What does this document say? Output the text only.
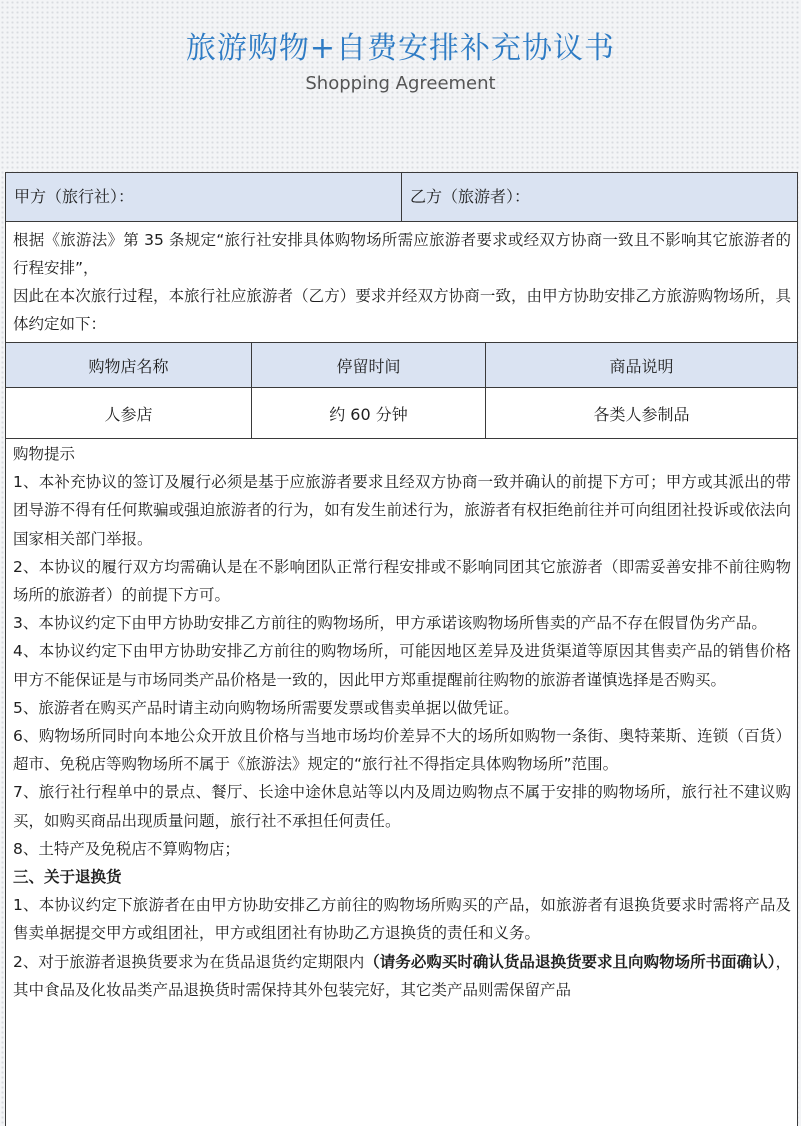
旅游购物+自费安排补充协议书
Shopping Agreement
甲方（旅行社）：	乙方（旅游者）：

根据《旅游法》第 35 条规定“旅行社安排具体购物场所需应旅游者要求或经双方协商一致且不影响其它旅游者的行程安排”，

因此在本次旅行过程，本旅行社应旅游者（乙方）要求并经双方协商一致，由甲方协助安排乙方旅游购物场所，具体约定如下：

购物店名称	停留时间	商品说明
人参店	约 60 分钟	各类人参制品

购物提示

1、本补充协议的签订及履行必须是基于应旅游者要求且经双方协商一致并确认的前提下方可；甲方或其派出的带团导游不得有任何欺骗或强迫旅游者的行为，如有发生前述行为，旅游者有权拒绝前往并可向组团社投诉或依法向国家相关部门举报。

2、本协议的履行双方均需确认是在不影响团队正常行程安排或不影响同团其它旅游者（即需妥善安排不前往购物场所的旅游者）的前提下方可。

3、本协议约定下由甲方协助安排乙方前往的购物场所，甲方承诺该购物场所售卖的产品不存在假冒伪劣产品。

4、本协议约定下由甲方协助安排乙方前往的购物场所，可能因地区差异及进货渠道等原因其售卖产品的销售价格甲方不能保证是与市场同类产品价格是一致的，因此甲方郑重提醒前往购物的旅游者谨慎选择是否购买。

5、旅游者在购买产品时请主动向购物场所需要发票或售卖单据以做凭证。

6、购物场所同时向本地公众开放且价格与当地市场均价差异不大的场所如购物一条街、奥特莱斯、连锁（百货）超市、免税店等购物场所不属于《旅游法》规定的“旅行社不得指定具体购物场所”范围。

7、旅行社行程单中的景点、餐厅、长途中途休息站等以内及周边购物点不属于安排的购物场所，旅行社不建议购买，如购买商品出现质量问题，旅行社不承担任何责任。

8、土特产及免税店不算购物店；

三、关于退换货

1、本协议约定下旅游者在由甲方协助安排乙方前往的购物场所购买的产品，如旅游者有退换货要求时需将产品及售卖单据提交甲方或组团社，甲方或组团社有协助乙方退换货的责任和义务。

2、对于旅游者退换货要求为在货品退货约定期限内（请务必购买时确认货品退换货要求且向购物场所书面确认），其中食品及化妆品类产品退换货时需保持其外包装完好，其它类产品则需保留产品
